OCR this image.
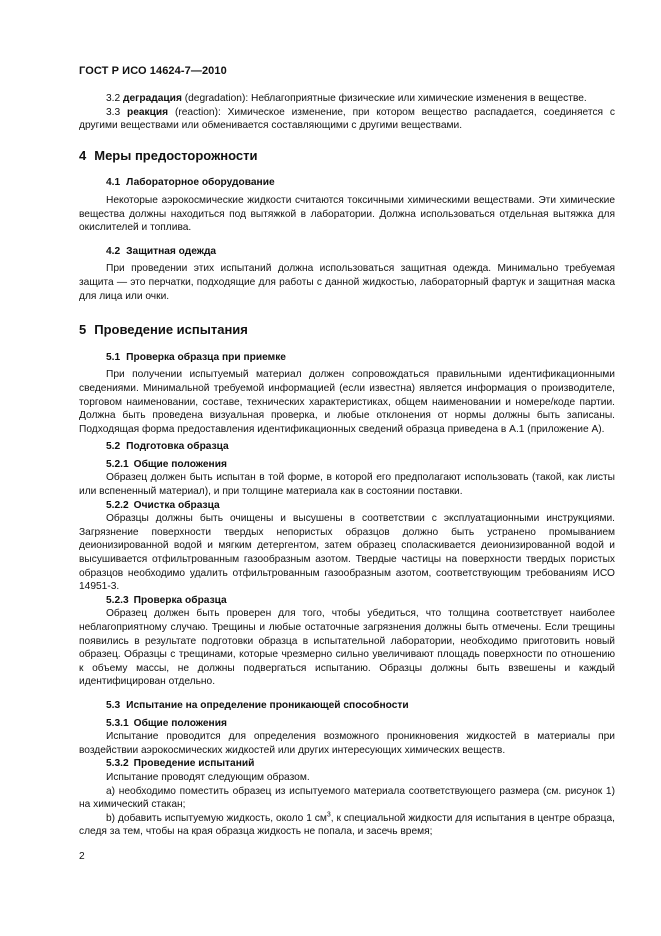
ГОСТ Р ИСО 14624-7—2010

3.2 деградация (degradation): Неблагоприятные физические или химические изменения в веществе.

3.3 реакция (reaction): Химическое изменение, при котором вещество распадается, соединяется с другими веществами или обменивается составляющими с другими веществами.

4 Меры предосторожности
4.1 Лабораторное оборудование

Некоторые аэрокосмические жидкости считаются токсичными химическими веществами. Эти химические вещества должны находиться под вытяжкой в лаборатории. Должна использоваться отдельная вытяжка для окислителей и топлива.

4.2 Защитная одежда

При проведении этих испытаний должна использоваться защитная одежда. Минимально требуемая защита — это перчатки, подходящие для работы с данной жидкостью, лабораторный фартук и защитная маска для лица или очки.

5 Проведение испытания
5.1 Проверка образца при приемке

При получении испытуемый материал должен сопровождаться правильными идентификационными сведениями. Минимальной требуемой информацией (если известна) является информация о производителе, торговом наименовании, составе, технических характеристиках, общем наименовании и номере/коде партии. Должна быть проведена визуальная проверка, и любые отклонения от нормы должны быть записаны. Подходящая форма предоставления идентификационных сведений образца приведена в А.1 (приложение А).

5.2 Подготовка образца
5.2.1 Общие положения

Образец должен быть испытан в той форме, в которой его предполагают использовать (такой, как листы или вспененный материал), и при толщине материала как в состоянии поставки.

5.2.2 Очистка образца

Образцы должны быть очищены и высушены в соответствии с эксплуатационными инструкциями. Загрязнение поверхности твердых непористых образцов должно быть устранено промыванием деионизированной водой и мягким детергентом, затем образец споласкивается деионизированной водой и высушивается отфильтрованным газообразным азотом. Твердые частицы на поверхности твердых пористых образцов необходимо удалить отфильтрованным газообразным азотом, соответствующим требованиям ИСО 14951-3.

5.2.3 Проверка образца

Образец должен быть проверен для того, чтобы убедиться, что толщина соответствует наиболее неблагоприятному случаю. Трещины и любые остаточные загрязнения должны быть отмечены. Если трещины появились в результате подготовки образца в испытательной лаборатории, необходимо приготовить новый образец. Образцы с трещинами, которые чрезмерно сильно увеличивают площадь поверхности по отношению к объему массы, не должны подвергаться испытанию. Образцы должны быть взвешены и каждый идентифицирован отдельно.

5.3 Испытание на определение проникающей способности
5.3.1 Общие положения

Испытание проводится для определения возможного проникновения жидкостей в материалы при воздействии аэрокосмических жидкостей или других интересующих химических веществ.

5.3.2 Проведение испытаний

Испытание проводят следующим образом.

а) необходимо поместить образец из испытуемого материала соответствующего размера (см. рисунок 1) на химический стакан;

b) добавить испытуемую жидкость, около 1 $см^3$, к специальной жидкости для испытания в центре образца, следя за тем, чтобы на края образца жидкость не попала, и засечь время;

2
